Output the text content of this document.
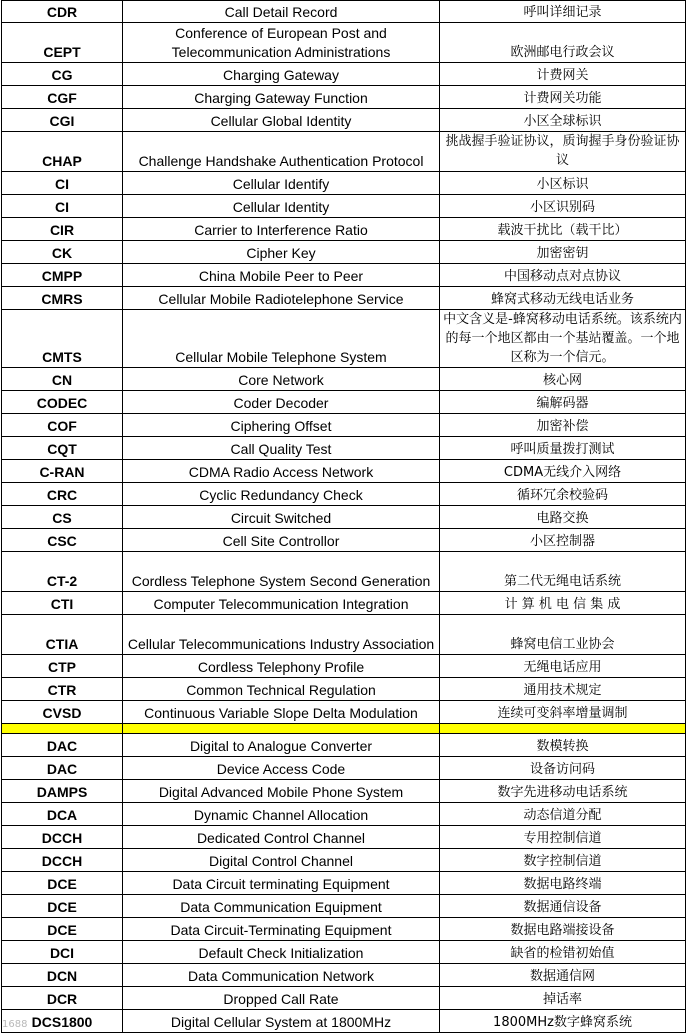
CDR	Call Detail Record	呼叫详细记录
CEPT	Conference of European Post and Telecommunication Administrations	欧洲邮电行政会议
CG	Charging Gateway	计费网关
CGF	Charging Gateway Function	计费网关功能
CGI	Cellular Global Identity	小区全球标识
CHAP	Challenge Handshake Authentication Protocol	挑战握手验证协议，质询握手身份验证协议
CI	Cellular Identify	小区标识
CI	Cellular Identity	小区识别码
CIR	Carrier to Interference Ratio	载波干扰比（载干比）
CK	Cipher Key	加密密钥
CMPP	China Mobile Peer to Peer	中国移动点对点协议
CMRS	Cellular Mobile Radiotelephone Service	蜂窝式移动无线电话业务
CMTS	Cellular Mobile Telephone System	中文含义是-蜂窝移动电话系统。该系统内的每一个地区都由一个基站覆盖。一个地区称为一个信元。
CN	Core Network	核心网
CODEC	Coder Decoder	编解码器
COF	Ciphering Offset	加密补偿
CQT	Call Quality Test	呼叫质量拨打测试
C-RAN	CDMA Radio Access Network	CDMA无线介入网络
CRC	Cyclic Redundancy Check	循环冗余校验码
CS	Circuit Switched	电路交换
CSC	Cell Site Controllor	小区控制器
CT-2	Cordless Telephone System Second Generation	第二代无绳电话系统
CTI	Computer Telecommunication Integration	计 算 机 电 信 集 成
CTIA	Cellular Telecommunications Industry Association	蜂窝电信工业协会
CTP	Cordless Telephony Profile	无绳电话应用
CTR	Common Technical Regulation	通用技术规定
CVSD	Continuous Variable Slope Delta Modulation	连续可变斜率增量调制

DAC	Digital to Analogue Converter	数模转换
DAC	Device Access Code	设备访问码
DAMPS	Digital Advanced Mobile Phone System	数字先进移动电话系统
DCA	Dynamic Channel Allocation	动态信道分配
DCCH	Dedicated Control Channel	专用控制信道
DCCH	Digital Control Channel	数字控制信道
DCE	Data Circuit terminating Equipment	数据电路终端
DCE	Data Communication Equipment	数据通信设备
DCE	Data Circuit-Terminating Equipment	数据电路端接设备
DCI	Default Check Initialization	缺省的检错初始值
DCN	Data Communication Network	数据通信网
DCR	Dropped Call Rate	掉话率
DCS1800	Digital Cellular System at 1800MHz	1800MHz数字蜂窝系统
1688
